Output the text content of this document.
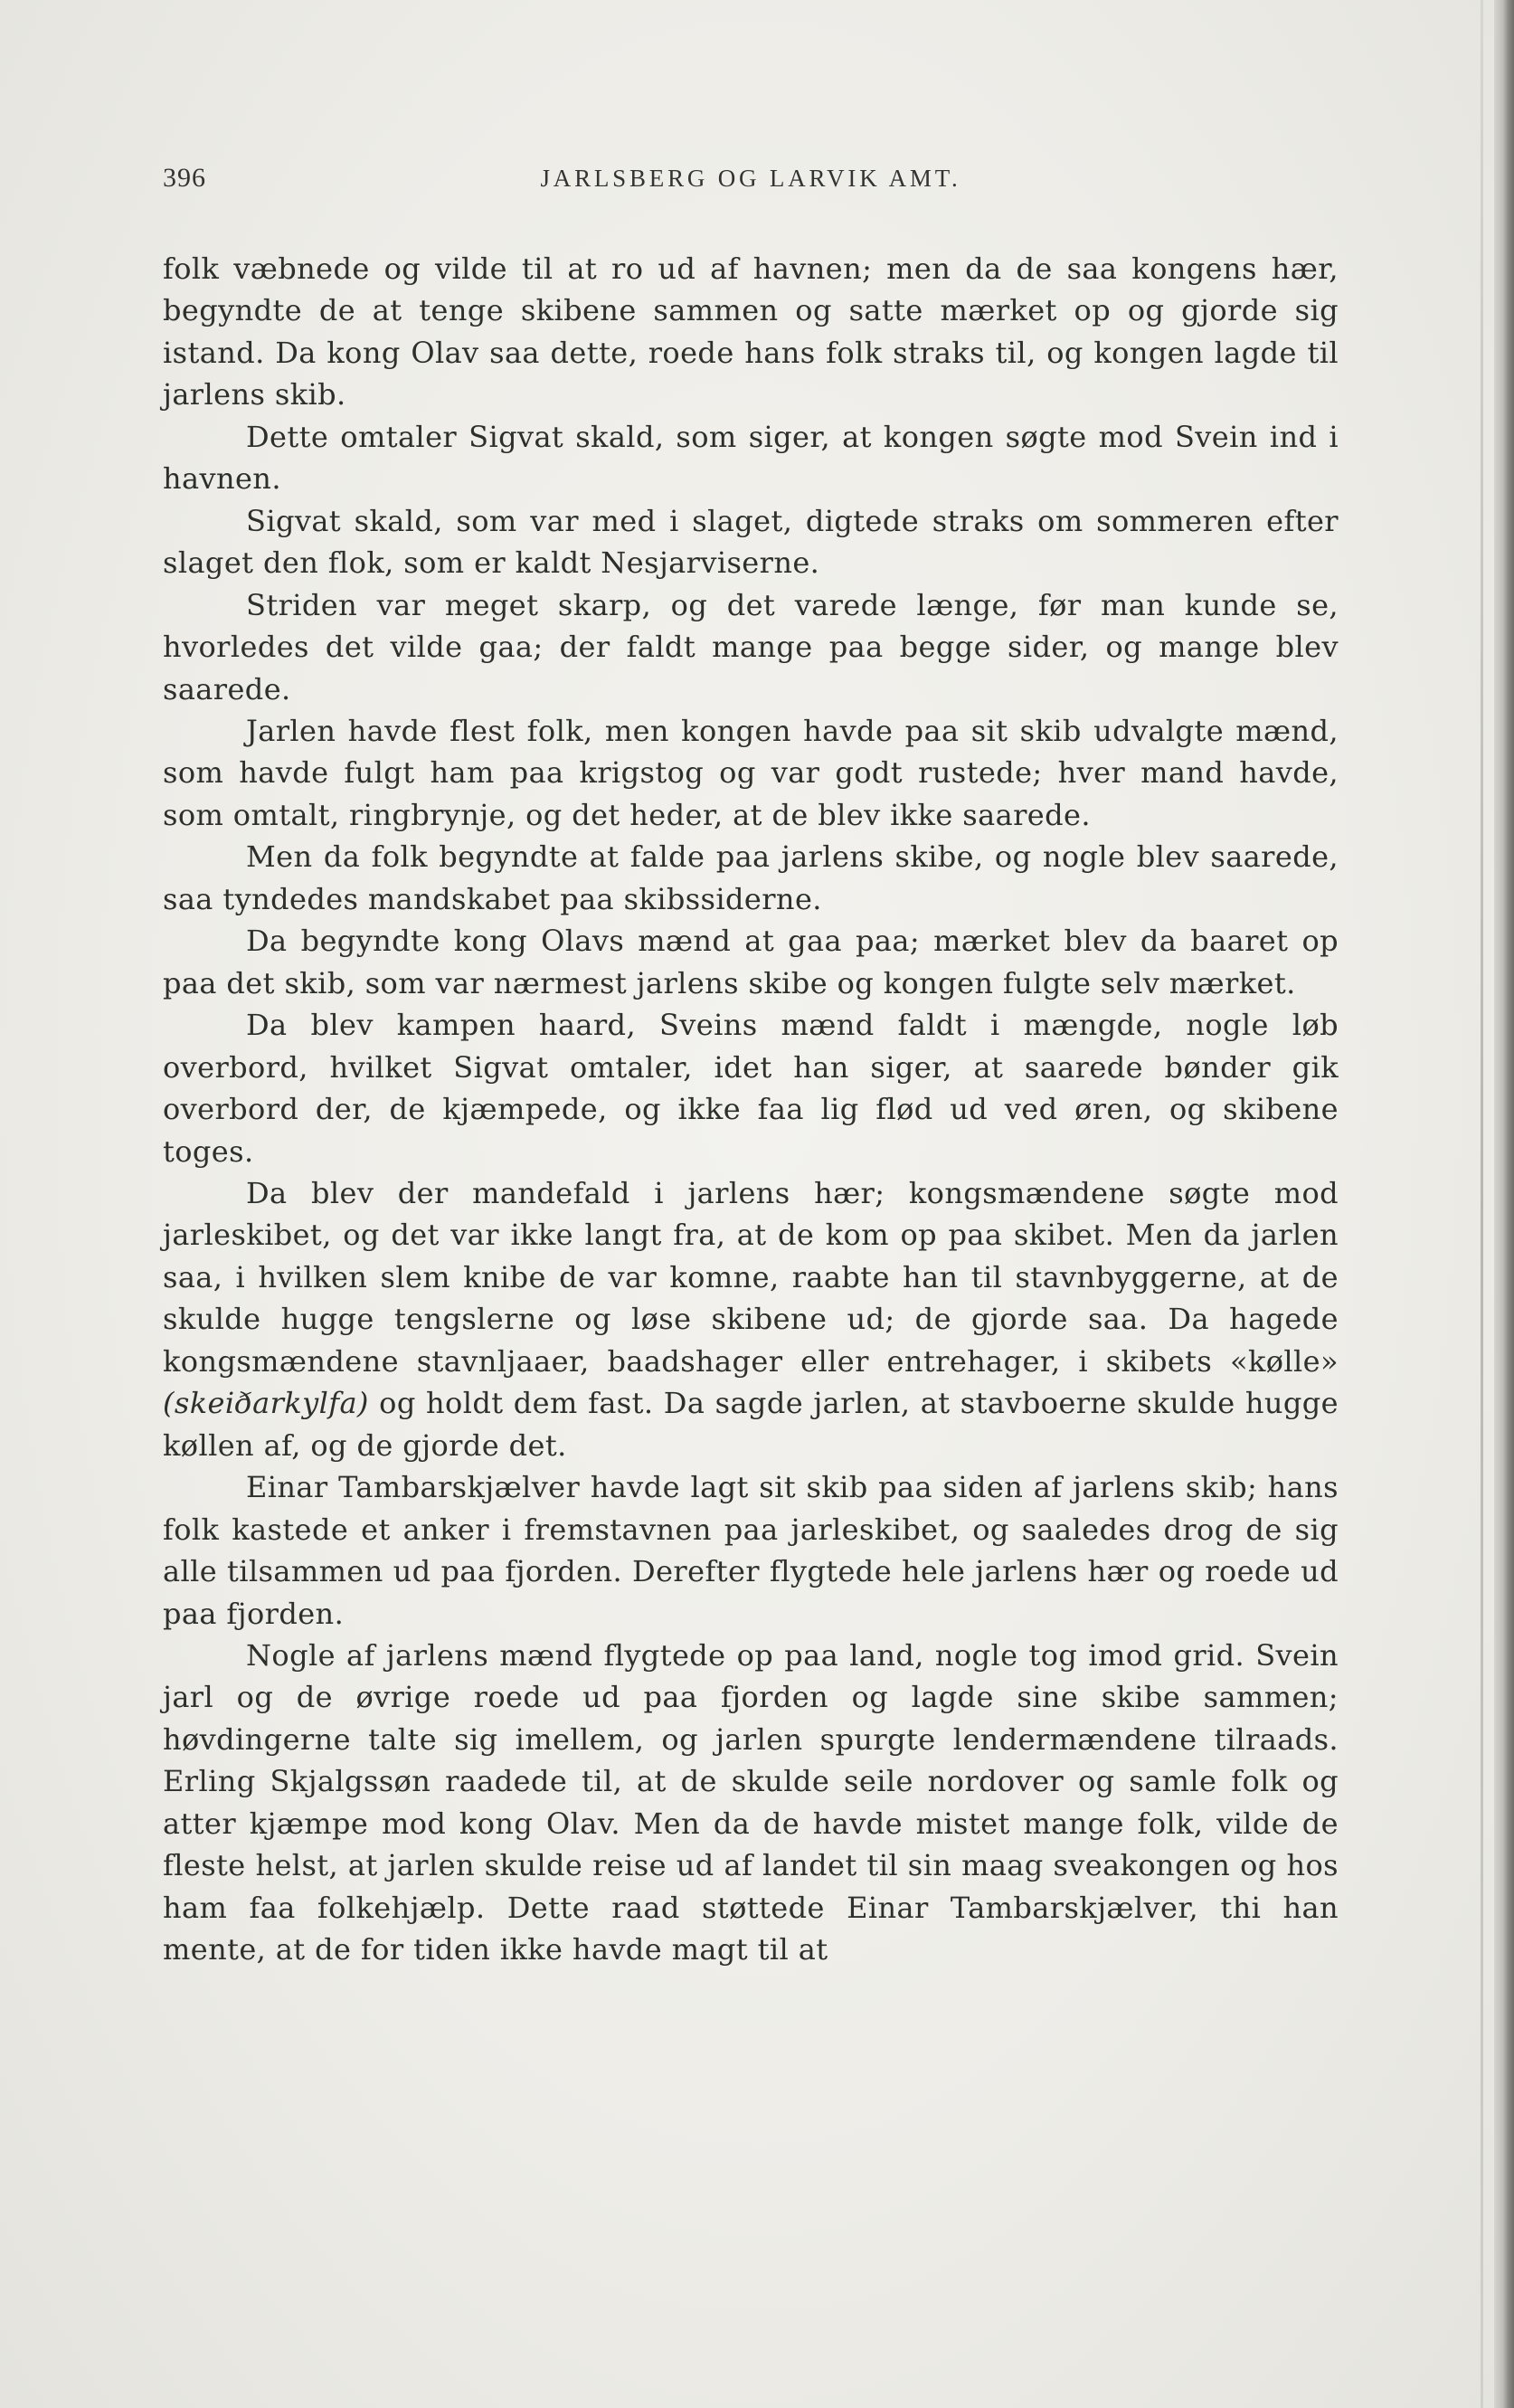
396	JARLSBERG OG LARVIK AMT.

folk væbnede og vilde til at ro ud af havnen; men da de saa kongens hær, begyndte de at tenge skibene sammen og satte mærket op og gjorde sig istand. Da kong Olav saa dette, roede hans folk straks til, og kongen lagde til jarlens skib.

Dette omtaler Sigvat skald, som siger, at kongen søgte mod Svein ind i havnen.

Sigvat skald, som var med i slaget, digtede straks om sommeren efter slaget den flok, som er kaldt Nesjarviserne.

Striden var meget skarp, og det varede længe, før man kunde se, hvorledes det vilde gaa; der faldt mange paa begge sider, og mange blev saarede.

Jarlen havde flest folk, men kongen havde paa sit skib udvalgte mænd, som havde fulgt ham paa krigstog og var godt rustede; hver mand havde, som omtalt, ringbrynje, og det heder, at de blev ikke saarede.

Men da folk begyndte at falde paa jarlens skibe, og nogle blev saarede, saa tyndedes mandskabet paa skibssiderne.

Da begyndte kong Olavs mænd at gaa paa; mærket blev da baaret op paa det skib, som var nærmest jarlens skibe og kongen fulgte selv mærket.

Da blev kampen haard, Sveins mænd faldt i mængde, nogle løb overbord, hvilket Sigvat omtaler, idet han siger, at saarede bønder gik overbord der, de kjæmpede, og ikke faa lig flød ud ved øren, og skibene toges.

Da blev der mandefald i jarlens hær; kongsmændene søgte mod jarleskibet, og det var ikke langt fra, at de kom op paa skibet. Men da jarlen saa, i hvilken slem knibe de var komne, raabte han til stavnbyggerne, at de skulde hugge tengslerne og løse skibene ud; de gjorde saa. Da hagede kongsmændene stavnljaaer, baadshager eller entrehager, i skibets «kølle» (skeiðarkylfa) og holdt dem fast. Da sagde jarlen, at stavboerne skulde hugge køllen af, og de gjorde det.

Einar Tambarskjælver havde lagt sit skib paa siden af jarlens skib; hans folk kastede et anker i fremstavnen paa jarleskibet, og saaledes drog de sig alle tilsammen ud paa fjorden. Derefter flygtede hele jarlens hær og roede ud paa fjorden.

Nogle af jarlens mænd flygtede op paa land, nogle tog imod grid. Svein jarl og de øvrige roede ud paa fjorden og lagde sine skibe sammen; høvdingerne talte sig imellem, og jarlen spurgte lendermændene tilraads. Erling Skjalgssøn raadede til, at de skulde seile nordover og samle folk og atter kjæmpe mod kong Olav. Men da de havde mistet mange folk, vilde de fleste helst, at jarlen skulde reise ud af landet til sin maag sveakongen og hos ham faa folkehjælp. Dette raad støttede Einar Tambarskjælver, thi han mente, at de for tiden ikke havde magt til at
